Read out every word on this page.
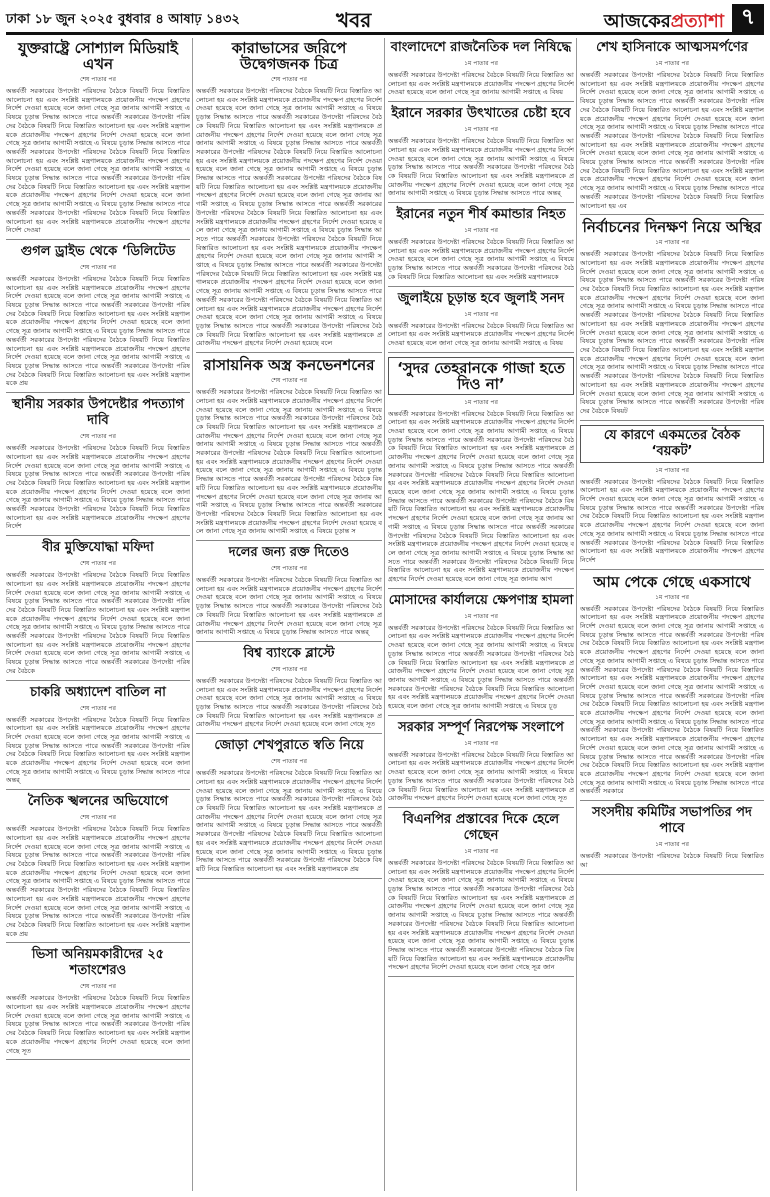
ঢাকা ১৮ জুন ২০২৫ বুধবার ৪ আষাঢ় ১৪৩২	খবর	আজকেরপ্রত্যাশা ৭
যুক্তরাষ্ট্রে সোশ্যাল মিডিয়াই এখন
শেষ পাতার পর
অন্তর্বর্তী সরকারের উপদেষ্টা পরিষদের বৈঠকে বিষয়টি নিয়ে বিস্তারিত আলোচনা হয় এবং সংশ্লিষ্ট মন্ত্রণালয়কে প্রয়োজনীয় পদক্ষেপ গ্রহণের নির্দেশ দেওয়া হয়েছে বলে জানা গেছে সূত্র জানায় আগামী সপ্তাহে এ বিষয়ে চূড়ান্ত সিদ্ধান্ত আসতে পারে অন্তর্বর্তী সরকারের উপদেষ্টা পরিষদের বৈঠকে বিষয়টি নিয়ে বিস্তারিত আলোচনা হয় এবং সংশ্লিষ্ট মন্ত্রণালয়কে প্রয়োজনীয় পদক্ষেপ গ্রহণের নির্দেশ দেওয়া হয়েছে বলে জানা গেছে সূত্র জানায় আগামী সপ্তাহে এ বিষয়ে চূড়ান্ত সিদ্ধান্ত আসতে পারে অন্তর্বর্তী সরকারের উপদেষ্টা পরিষদের বৈঠকে বিষয়টি নিয়ে বিস্তারিত আলোচনা হয় এবং সংশ্লিষ্ট মন্ত্রণালয়কে প্রয়োজনীয় পদক্ষেপ গ্রহণের নির্দেশ দেওয়া হয়েছে বলে জানা গেছে সূত্র জানায় আগামী সপ্তাহে এ বিষয়ে চূড়ান্ত সিদ্ধান্ত আসতে পারে অন্তর্বর্তী সরকারের উপদেষ্টা পরিষদের বৈঠকে বিষয়টি নিয়ে বিস্তারিত আলোচনা হয় এবং সংশ্লিষ্ট মন্ত্রণালয়কে প্রয়োজনীয় পদক্ষেপ গ্রহণের নির্দেশ দেওয়া হয়েছে বলে জানা গেছে সূত্র জানায় আগামী সপ্তাহে এ বিষয়ে চূড়ান্ত সিদ্ধান্ত আসতে পারে অন্তর্বর্তী সরকারের উপদেষ্টা পরিষদের বৈঠকে বিষয়টি নিয়ে বিস্তারিত আলোচনা হয় এবং সংশ্লিষ্ট মন্ত্রণালয়কে প্রয়োজনীয় পদক্ষেপ গ্রহণের নির্দেশ দেওয়া
গুগল ড্রাইভ থেকে ‘ডিলিটেড
শেষ পাতার পর
অন্তর্বর্তী সরকারের উপদেষ্টা পরিষদের বৈঠকে বিষয়টি নিয়ে বিস্তারিত আলোচনা হয় এবং সংশ্লিষ্ট মন্ত্রণালয়কে প্রয়োজনীয় পদক্ষেপ গ্রহণের নির্দেশ দেওয়া হয়েছে বলে জানা গেছে সূত্র জানায় আগামী সপ্তাহে এ বিষয়ে চূড়ান্ত সিদ্ধান্ত আসতে পারে অন্তর্বর্তী সরকারের উপদেষ্টা পরিষদের বৈঠকে বিষয়টি নিয়ে বিস্তারিত আলোচনা হয় এবং সংশ্লিষ্ট মন্ত্রণালয়কে প্রয়োজনীয় পদক্ষেপ গ্রহণের নির্দেশ দেওয়া হয়েছে বলে জানা গেছে সূত্র জানায় আগামী সপ্তাহে এ বিষয়ে চূড়ান্ত সিদ্ধান্ত আসতে পারে অন্তর্বর্তী সরকারের উপদেষ্টা পরিষদের বৈঠকে বিষয়টি নিয়ে বিস্তারিত আলোচনা হয় এবং সংশ্লিষ্ট মন্ত্রণালয়কে প্রয়োজনীয় পদক্ষেপ গ্রহণের নির্দেশ দেওয়া হয়েছে বলে জানা গেছে সূত্র জানায় আগামী সপ্তাহে এ বিষয়ে চূড়ান্ত সিদ্ধান্ত আসতে পারে অন্তর্বর্তী সরকারের উপদেষ্টা পরিষদের বৈঠকে বিষয়টি নিয়ে বিস্তারিত আলোচনা হয় এবং সংশ্লিষ্ট মন্ত্রণালয়কে প্রয়
স্থানীয় সরকার উপদেষ্টার পদত্যাগ দাবি
শেষ পাতার পর
অন্তর্বর্তী সরকারের উপদেষ্টা পরিষদের বৈঠকে বিষয়টি নিয়ে বিস্তারিত আলোচনা হয় এবং সংশ্লিষ্ট মন্ত্রণালয়কে প্রয়োজনীয় পদক্ষেপ গ্রহণের নির্দেশ দেওয়া হয়েছে বলে জানা গেছে সূত্র জানায় আগামী সপ্তাহে এ বিষয়ে চূড়ান্ত সিদ্ধান্ত আসতে পারে অন্তর্বর্তী সরকারের উপদেষ্টা পরিষদের বৈঠকে বিষয়টি নিয়ে বিস্তারিত আলোচনা হয় এবং সংশ্লিষ্ট মন্ত্রণালয়কে প্রয়োজনীয় পদক্ষেপ গ্রহণের নির্দেশ দেওয়া হয়েছে বলে জানা গেছে সূত্র জানায় আগামী সপ্তাহে এ বিষয়ে চূড়ান্ত সিদ্ধান্ত আসতে পারে অন্তর্বর্তী সরকারের উপদেষ্টা পরিষদের বৈঠকে বিষয়টি নিয়ে বিস্তারিত আলোচনা হয় এবং সংশ্লিষ্ট মন্ত্রণালয়কে প্রয়োজনীয় পদক্ষেপ গ্রহণের নির্দেশ
বীর মুক্তিযোদ্ধা মফিদা
শেষ পাতার পর
অন্তর্বর্তী সরকারের উপদেষ্টা পরিষদের বৈঠকে বিষয়টি নিয়ে বিস্তারিত আলোচনা হয় এবং সংশ্লিষ্ট মন্ত্রণালয়কে প্রয়োজনীয় পদক্ষেপ গ্রহণের নির্দেশ দেওয়া হয়েছে বলে জানা গেছে সূত্র জানায় আগামী সপ্তাহে এ বিষয়ে চূড়ান্ত সিদ্ধান্ত আসতে পারে অন্তর্বর্তী সরকারের উপদেষ্টা পরিষদের বৈঠকে বিষয়টি নিয়ে বিস্তারিত আলোচনা হয় এবং সংশ্লিষ্ট মন্ত্রণালয়কে প্রয়োজনীয় পদক্ষেপ গ্রহণের নির্দেশ দেওয়া হয়েছে বলে জানা গেছে সূত্র জানায় আগামী সপ্তাহে এ বিষয়ে চূড়ান্ত সিদ্ধান্ত আসতে পারে অন্তর্বর্তী সরকারের উপদেষ্টা পরিষদের বৈঠকে বিষয়টি নিয়ে বিস্তারিত আলোচনা হয় এবং সংশ্লিষ্ট মন্ত্রণালয়কে প্রয়োজনীয় পদক্ষেপ গ্রহণের নির্দেশ দেওয়া হয়েছে বলে জানা গেছে সূত্র জানায় আগামী সপ্তাহে এ বিষয়ে চূড়ান্ত সিদ্ধান্ত আসতে পারে অন্তর্বর্তী সরকারের উপদেষ্টা পরিষদের বৈঠকে
চাকরি অধ্যাদেশ বাতিল না
শেষ পাতার পর
অন্তর্বর্তী সরকারের উপদেষ্টা পরিষদের বৈঠকে বিষয়টি নিয়ে বিস্তারিত আলোচনা হয় এবং সংশ্লিষ্ট মন্ত্রণালয়কে প্রয়োজনীয় পদক্ষেপ গ্রহণের নির্দেশ দেওয়া হয়েছে বলে জানা গেছে সূত্র জানায় আগামী সপ্তাহে এ বিষয়ে চূড়ান্ত সিদ্ধান্ত আসতে পারে অন্তর্বর্তী সরকারের উপদেষ্টা পরিষদের বৈঠকে বিষয়টি নিয়ে বিস্তারিত আলোচনা হয় এবং সংশ্লিষ্ট মন্ত্রণালয়কে প্রয়োজনীয় পদক্ষেপ গ্রহণের নির্দেশ দেওয়া হয়েছে বলে জানা গেছে সূত্র জানায় আগামী সপ্তাহে এ বিষয়ে চূড়ান্ত সিদ্ধান্ত আসতে পারে অন্তর্
নৈতিক স্খলনের অভিযোগে
শেষ পাতার পর
অন্তর্বর্তী সরকারের উপদেষ্টা পরিষদের বৈঠকে বিষয়টি নিয়ে বিস্তারিত আলোচনা হয় এবং সংশ্লিষ্ট মন্ত্রণালয়কে প্রয়োজনীয় পদক্ষেপ গ্রহণের নির্দেশ দেওয়া হয়েছে বলে জানা গেছে সূত্র জানায় আগামী সপ্তাহে এ বিষয়ে চূড়ান্ত সিদ্ধান্ত আসতে পারে অন্তর্বর্তী সরকারের উপদেষ্টা পরিষদের বৈঠকে বিষয়টি নিয়ে বিস্তারিত আলোচনা হয় এবং সংশ্লিষ্ট মন্ত্রণালয়কে প্রয়োজনীয় পদক্ষেপ গ্রহণের নির্দেশ দেওয়া হয়েছে বলে জানা গেছে সূত্র জানায় আগামী সপ্তাহে এ বিষয়ে চূড়ান্ত সিদ্ধান্ত আসতে পারে অন্তর্বর্তী সরকারের উপদেষ্টা পরিষদের বৈঠকে বিষয়টি নিয়ে বিস্তারিত আলোচনা হয় এবং সংশ্লিষ্ট মন্ত্রণালয়কে প্রয়োজনীয় পদক্ষেপ গ্রহণের নির্দেশ দেওয়া হয়েছে বলে জানা গেছে সূত্র জানায় আগামী সপ্তাহে এ বিষয়ে চূড়ান্ত সিদ্ধান্ত আসতে পারে অন্তর্বর্তী সরকারের উপদেষ্টা পরিষদের বৈঠকে বিষয়টি নিয়ে বিস্তারিত আলোচনা হয় এবং সংশ্লিষ্ট মন্ত্রণালয়কে প্রয়
ভিসা অনিয়মকারীদের ২৫ শতাংশেরও
শেষ পাতার পর
অন্তর্বর্তী সরকারের উপদেষ্টা পরিষদের বৈঠকে বিষয়টি নিয়ে বিস্তারিত আলোচনা হয় এবং সংশ্লিষ্ট মন্ত্রণালয়কে প্রয়োজনীয় পদক্ষেপ গ্রহণের নির্দেশ দেওয়া হয়েছে বলে জানা গেছে সূত্র জানায় আগামী সপ্তাহে এ বিষয়ে চূড়ান্ত সিদ্ধান্ত আসতে পারে অন্তর্বর্তী সরকারের উপদেষ্টা পরিষদের বৈঠকে বিষয়টি নিয়ে বিস্তারিত আলোচনা হয় এবং সংশ্লিষ্ট মন্ত্রণালয়কে প্রয়োজনীয় পদক্ষেপ গ্রহণের নির্দেশ দেওয়া হয়েছে বলে জানা গেছে সূত
কারাভাসের জরিপে উদ্বেগজনক চিত্র
শেষ পাতার পর
অন্তর্বর্তী সরকারের উপদেষ্টা পরিষদের বৈঠকে বিষয়টি নিয়ে বিস্তারিত আলোচনা হয় এবং সংশ্লিষ্ট মন্ত্রণালয়কে প্রয়োজনীয় পদক্ষেপ গ্রহণের নির্দেশ দেওয়া হয়েছে বলে জানা গেছে সূত্র জানায় আগামী সপ্তাহে এ বিষয়ে চূড়ান্ত সিদ্ধান্ত আসতে পারে অন্তর্বর্তী সরকারের উপদেষ্টা পরিষদের বৈঠকে বিষয়টি নিয়ে বিস্তারিত আলোচনা হয় এবং সংশ্লিষ্ট মন্ত্রণালয়কে প্রয়োজনীয় পদক্ষেপ গ্রহণের নির্দেশ দেওয়া হয়েছে বলে জানা গেছে সূত্র জানায় আগামী সপ্তাহে এ বিষয়ে চূড়ান্ত সিদ্ধান্ত আসতে পারে অন্তর্বর্তী সরকারের উপদেষ্টা পরিষদের বৈঠকে বিষয়টি নিয়ে বিস্তারিত আলোচনা হয় এবং সংশ্লিষ্ট মন্ত্রণালয়কে প্রয়োজনীয় পদক্ষেপ গ্রহণের নির্দেশ দেওয়া হয়েছে বলে জানা গেছে সূত্র জানায় আগামী সপ্তাহে এ বিষয়ে চূড়ান্ত সিদ্ধান্ত আসতে পারে অন্তর্বর্তী সরকারের উপদেষ্টা পরিষদের বৈঠকে বিষয়টি নিয়ে বিস্তারিত আলোচনা হয় এবং সংশ্লিষ্ট মন্ত্রণালয়কে প্রয়োজনীয় পদক্ষেপ গ্রহণের নির্দেশ দেওয়া হয়েছে বলে জানা গেছে সূত্র জানায় আগামী সপ্তাহে এ বিষয়ে চূড়ান্ত সিদ্ধান্ত আসতে পারে অন্তর্বর্তী সরকারের উপদেষ্টা পরিষদের বৈঠকে বিষয়টি নিয়ে বিস্তারিত আলোচনা হয় এবং সংশ্লিষ্ট মন্ত্রণালয়কে প্রয়োজনীয় পদক্ষেপ গ্রহণের নির্দেশ দেওয়া হয়েছে বলে জানা গেছে সূত্র জানায় আগামী সপ্তাহে এ বিষয়ে চূড়ান্ত সিদ্ধান্ত আসতে পারে অন্তর্বর্তী সরকারের উপদেষ্টা পরিষদের বৈঠকে বিষয়টি নিয়ে বিস্তারিত আলোচনা হয় এবং সংশ্লিষ্ট মন্ত্রণালয়কে প্রয়োজনীয় পদক্ষেপ গ্রহণের নির্দেশ দেওয়া হয়েছে বলে জানা গেছে সূত্র জানায় আগামী সপ্তাহে এ বিষয়ে চূড়ান্ত সিদ্ধান্ত আসতে পারে অন্তর্বর্তী সরকারের উপদেষ্টা পরিষদের বৈঠকে বিষয়টি নিয়ে বিস্তারিত আলোচনা হয় এবং সংশ্লিষ্ট মন্ত্রণালয়কে প্রয়োজনীয় পদক্ষেপ গ্রহণের নির্দেশ দেওয়া হয়েছে বলে জানা গেছে সূত্র জানায় আগামী সপ্তাহে এ বিষয়ে চূড়ান্ত সিদ্ধান্ত আসতে পারে অন্তর্বর্তী সরকারের উপদেষ্টা পরিষদের বৈঠকে বিষয়টি নিয়ে বিস্তারিত আলোচনা হয় এবং সংশ্লিষ্ট মন্ত্রণালয়কে প্রয়োজনীয় পদক্ষেপ গ্রহণের নির্দেশ দেওয়া হয়েছে বলে জানা গেছে সূত্র জানায় আগামী সপ্তাহে এ বিষয়ে চূড়ান্ত সিদ্ধান্ত আসতে পারে অন্তর্বর্তী সরকারের উপদেষ্টা পরিষদের বৈঠকে বিষয়টি নিয়ে বিস্তারিত আলোচনা হয় এবং সংশ্লিষ্ট মন্ত্রণালয়কে প্রয়োজনীয় পদক্ষেপ গ্রহণের নির্দেশ দেওয়া হয়েছে বলে
রাসায়নিক অস্ত্র কনভেনশনের
শেষ পাতার পর
অন্তর্বর্তী সরকারের উপদেষ্টা পরিষদের বৈঠকে বিষয়টি নিয়ে বিস্তারিত আলোচনা হয় এবং সংশ্লিষ্ট মন্ত্রণালয়কে প্রয়োজনীয় পদক্ষেপ গ্রহণের নির্দেশ দেওয়া হয়েছে বলে জানা গেছে সূত্র জানায় আগামী সপ্তাহে এ বিষয়ে চূড়ান্ত সিদ্ধান্ত আসতে পারে অন্তর্বর্তী সরকারের উপদেষ্টা পরিষদের বৈঠকে বিষয়টি নিয়ে বিস্তারিত আলোচনা হয় এবং সংশ্লিষ্ট মন্ত্রণালয়কে প্রয়োজনীয় পদক্ষেপ গ্রহণের নির্দেশ দেওয়া হয়েছে বলে জানা গেছে সূত্র জানায় আগামী সপ্তাহে এ বিষয়ে চূড়ান্ত সিদ্ধান্ত আসতে পারে অন্তর্বর্তী সরকারের উপদেষ্টা পরিষদের বৈঠকে বিষয়টি নিয়ে বিস্তারিত আলোচনা হয় এবং সংশ্লিষ্ট মন্ত্রণালয়কে প্রয়োজনীয় পদক্ষেপ গ্রহণের নির্দেশ দেওয়া হয়েছে বলে জানা গেছে সূত্র জানায় আগামী সপ্তাহে এ বিষয়ে চূড়ান্ত সিদ্ধান্ত আসতে পারে অন্তর্বর্তী সরকারের উপদেষ্টা পরিষদের বৈঠকে বিষয়টি নিয়ে বিস্তারিত আলোচনা হয় এবং সংশ্লিষ্ট মন্ত্রণালয়কে প্রয়োজনীয় পদক্ষেপ গ্রহণের নির্দেশ দেওয়া হয়েছে বলে জানা গেছে সূত্র জানায় আগামী সপ্তাহে এ বিষয়ে চূড়ান্ত সিদ্ধান্ত আসতে পারে অন্তর্বর্তী সরকারের উপদেষ্টা পরিষদের বৈঠকে বিষয়টি নিয়ে বিস্তারিত আলোচনা হয় এবং সংশ্লিষ্ট মন্ত্রণালয়কে প্রয়োজনীয় পদক্ষেপ গ্রহণের নির্দেশ দেওয়া হয়েছে বলে জানা গেছে সূত্র জানায় আগামী সপ্তাহে এ বিষয়ে চূড়ান্ত স
দলের জন্য রক্ত দিতেও
শেষ পাতার পর
অন্তর্বর্তী সরকারের উপদেষ্টা পরিষদের বৈঠকে বিষয়টি নিয়ে বিস্তারিত আলোচনা হয় এবং সংশ্লিষ্ট মন্ত্রণালয়কে প্রয়োজনীয় পদক্ষেপ গ্রহণের নির্দেশ দেওয়া হয়েছে বলে জানা গেছে সূত্র জানায় আগামী সপ্তাহে এ বিষয়ে চূড়ান্ত সিদ্ধান্ত আসতে পারে অন্তর্বর্তী সরকারের উপদেষ্টা পরিষদের বৈঠকে বিষয়টি নিয়ে বিস্তারিত আলোচনা হয় এবং সংশ্লিষ্ট মন্ত্রণালয়কে প্রয়োজনীয় পদক্ষেপ গ্রহণের নির্দেশ দেওয়া হয়েছে বলে জানা গেছে সূত্র জানায় আগামী সপ্তাহে এ বিষয়ে চূড়ান্ত সিদ্ধান্ত আসতে পারে অন্তর্
বিশ্ব ব্যাংকে ব্লাস্টে
শেষ পাতার পর
অন্তর্বর্তী সরকারের উপদেষ্টা পরিষদের বৈঠকে বিষয়টি নিয়ে বিস্তারিত আলোচনা হয় এবং সংশ্লিষ্ট মন্ত্রণালয়কে প্রয়োজনীয় পদক্ষেপ গ্রহণের নির্দেশ দেওয়া হয়েছে বলে জানা গেছে সূত্র জানায় আগামী সপ্তাহে এ বিষয়ে চূড়ান্ত সিদ্ধান্ত আসতে পারে অন্তর্বর্তী সরকারের উপদেষ্টা পরিষদের বৈঠকে বিষয়টি নিয়ে বিস্তারিত আলোচনা হয় এবং সংশ্লিষ্ট মন্ত্রণালয়কে প্রয়োজনীয় পদক্ষেপ গ্রহণের নির্দেশ দেওয়া হয়েছে বলে জানা গেছে সূত
জোড়া শেখপুরাতে স্বতি নিয়ে
শেষ পাতার পর
অন্তর্বর্তী সরকারের উপদেষ্টা পরিষদের বৈঠকে বিষয়টি নিয়ে বিস্তারিত আলোচনা হয় এবং সংশ্লিষ্ট মন্ত্রণালয়কে প্রয়োজনীয় পদক্ষেপ গ্রহণের নির্দেশ দেওয়া হয়েছে বলে জানা গেছে সূত্র জানায় আগামী সপ্তাহে এ বিষয়ে চূড়ান্ত সিদ্ধান্ত আসতে পারে অন্তর্বর্তী সরকারের উপদেষ্টা পরিষদের বৈঠকে বিষয়টি নিয়ে বিস্তারিত আলোচনা হয় এবং সংশ্লিষ্ট মন্ত্রণালয়কে প্রয়োজনীয় পদক্ষেপ গ্রহণের নির্দেশ দেওয়া হয়েছে বলে জানা গেছে সূত্র জানায় আগামী সপ্তাহে এ বিষয়ে চূড়ান্ত সিদ্ধান্ত আসতে পারে অন্তর্বর্তী সরকারের উপদেষ্টা পরিষদের বৈঠকে বিষয়টি নিয়ে বিস্তারিত আলোচনা হয় এবং সংশ্লিষ্ট মন্ত্রণালয়কে প্রয়োজনীয় পদক্ষেপ গ্রহণের নির্দেশ দেওয়া হয়েছে বলে জানা গেছে সূত্র জানায় আগামী সপ্তাহে এ বিষয়ে চূড়ান্ত সিদ্ধান্ত আসতে পারে অন্তর্বর্তী সরকারের উপদেষ্টা পরিষদের বৈঠকে বিষয়টি নিয়ে বিস্তারিত আলোচনা হয় এবং সংশ্লিষ্ট মন্ত্রণালয়কে প্রয়
বাংলাদেশে রাজনৈতিক দল নিষিদ্ধে
১ম পাতার পর
অন্তর্বর্তী সরকারের উপদেষ্টা পরিষদের বৈঠকে বিষয়টি নিয়ে বিস্তারিত আলোচনা হয় এবং সংশ্লিষ্ট মন্ত্রণালয়কে প্রয়োজনীয় পদক্ষেপ গ্রহণের নির্দেশ দেওয়া হয়েছে বলে জানা গেছে সূত্র জানায় আগামী সপ্তাহে এ বিষয়
ইরানে সরকার উৎখাতের চেষ্টা হবে
১ম পাতার পর
অন্তর্বর্তী সরকারের উপদেষ্টা পরিষদের বৈঠকে বিষয়টি নিয়ে বিস্তারিত আলোচনা হয় এবং সংশ্লিষ্ট মন্ত্রণালয়কে প্রয়োজনীয় পদক্ষেপ গ্রহণের নির্দেশ দেওয়া হয়েছে বলে জানা গেছে সূত্র জানায় আগামী সপ্তাহে এ বিষয়ে চূড়ান্ত সিদ্ধান্ত আসতে পারে অন্তর্বর্তী সরকারের উপদেষ্টা পরিষদের বৈঠকে বিষয়টি নিয়ে বিস্তারিত আলোচনা হয় এবং সংশ্লিষ্ট মন্ত্রণালয়কে প্রয়োজনীয় পদক্ষেপ গ্রহণের নির্দেশ দেওয়া হয়েছে বলে জানা গেছে সূত্র জানায় আগামী সপ্তাহে এ বিষয়ে চূড়ান্ত সিদ্ধান্ত আসতে পারে অন্তর্
ইরানের নতুন শীর্ষ কমান্ডার নিহত
১ম পাতার পর
অন্তর্বর্তী সরকারের উপদেষ্টা পরিষদের বৈঠকে বিষয়টি নিয়ে বিস্তারিত আলোচনা হয় এবং সংশ্লিষ্ট মন্ত্রণালয়কে প্রয়োজনীয় পদক্ষেপ গ্রহণের নির্দেশ দেওয়া হয়েছে বলে জানা গেছে সূত্র জানায় আগামী সপ্তাহে এ বিষয়ে চূড়ান্ত সিদ্ধান্ত আসতে পারে অন্তর্বর্তী সরকারের উপদেষ্টা পরিষদের বৈঠকে বিষয়টি নিয়ে বিস্তারিত আলোচনা হয় এবং সংশ্লিষ্ট মন্ত্রণালয়কে
জুলাইয়ে চূড়ান্ত হবে জুলাই সনদ
১ম পাতার পর
অন্তর্বর্তী সরকারের উপদেষ্টা পরিষদের বৈঠকে বিষয়টি নিয়ে বিস্তারিত আলোচনা হয় এবং সংশ্লিষ্ট মন্ত্রণালয়কে প্রয়োজনীয় পদক্ষেপ গ্রহণের নির্দেশ দেওয়া হয়েছে বলে জানা গেছে সূত্র জানায় আগামী সপ্তাহে এ বিষয়
‘সুদর তেহরানকে গাজা হতে দিও না’
১ম পাতার পর
অন্তর্বর্তী সরকারের উপদেষ্টা পরিষদের বৈঠকে বিষয়টি নিয়ে বিস্তারিত আলোচনা হয় এবং সংশ্লিষ্ট মন্ত্রণালয়কে প্রয়োজনীয় পদক্ষেপ গ্রহণের নির্দেশ দেওয়া হয়েছে বলে জানা গেছে সূত্র জানায় আগামী সপ্তাহে এ বিষয়ে চূড়ান্ত সিদ্ধান্ত আসতে পারে অন্তর্বর্তী সরকারের উপদেষ্টা পরিষদের বৈঠকে বিষয়টি নিয়ে বিস্তারিত আলোচনা হয় এবং সংশ্লিষ্ট মন্ত্রণালয়কে প্রয়োজনীয় পদক্ষেপ গ্রহণের নির্দেশ দেওয়া হয়েছে বলে জানা গেছে সূত্র জানায় আগামী সপ্তাহে এ বিষয়ে চূড়ান্ত সিদ্ধান্ত আসতে পারে অন্তর্বর্তী সরকারের উপদেষ্টা পরিষদের বৈঠকে বিষয়টি নিয়ে বিস্তারিত আলোচনা হয় এবং সংশ্লিষ্ট মন্ত্রণালয়কে প্রয়োজনীয় পদক্ষেপ গ্রহণের নির্দেশ দেওয়া হয়েছে বলে জানা গেছে সূত্র জানায় আগামী সপ্তাহে এ বিষয়ে চূড়ান্ত সিদ্ধান্ত আসতে পারে অন্তর্বর্তী সরকারের উপদেষ্টা পরিষদের বৈঠকে বিষয়টি নিয়ে বিস্তারিত আলোচনা হয় এবং সংশ্লিষ্ট মন্ত্রণালয়কে প্রয়োজনীয় পদক্ষেপ গ্রহণের নির্দেশ দেওয়া হয়েছে বলে জানা গেছে সূত্র জানায় আগামী সপ্তাহে এ বিষয়ে চূড়ান্ত সিদ্ধান্ত আসতে পারে অন্তর্বর্তী সরকারের উপদেষ্টা পরিষদের বৈঠকে বিষয়টি নিয়ে বিস্তারিত আলোচনা হয় এবং সংশ্লিষ্ট মন্ত্রণালয়কে প্রয়োজনীয় পদক্ষেপ গ্রহণের নির্দেশ দেওয়া হয়েছে বলে জানা গেছে সূত্র জানায় আগামী সপ্তাহে এ বিষয়ে চূড়ান্ত সিদ্ধান্ত আসতে পারে অন্তর্বর্তী সরকারের উপদেষ্টা পরিষদের বৈঠকে বিষয়টি নিয়ে বিস্তারিত আলোচনা হয় এবং সংশ্লিষ্ট মন্ত্রণালয়কে প্রয়োজনীয় পদক্ষেপ গ্রহণের নির্দেশ দেওয়া হয়েছে বলে জানা গেছে সূত্র জানায় আগ
মোসাদের কার্যালয়ে ক্ষেপণাস্ত্র হামলা
১ম পাতার পর
অন্তর্বর্তী সরকারের উপদেষ্টা পরিষদের বৈঠকে বিষয়টি নিয়ে বিস্তারিত আলোচনা হয় এবং সংশ্লিষ্ট মন্ত্রণালয়কে প্রয়োজনীয় পদক্ষেপ গ্রহণের নির্দেশ দেওয়া হয়েছে বলে জানা গেছে সূত্র জানায় আগামী সপ্তাহে এ বিষয়ে চূড়ান্ত সিদ্ধান্ত আসতে পারে অন্তর্বর্তী সরকারের উপদেষ্টা পরিষদের বৈঠকে বিষয়টি নিয়ে বিস্তারিত আলোচনা হয় এবং সংশ্লিষ্ট মন্ত্রণালয়কে প্রয়োজনীয় পদক্ষেপ গ্রহণের নির্দেশ দেওয়া হয়েছে বলে জানা গেছে সূত্র জানায় আগামী সপ্তাহে এ বিষয়ে চূড়ান্ত সিদ্ধান্ত আসতে পারে অন্তর্বর্তী সরকারের উপদেষ্টা পরিষদের বৈঠকে বিষয়টি নিয়ে বিস্তারিত আলোচনা হয় এবং সংশ্লিষ্ট মন্ত্রণালয়কে প্রয়োজনীয় পদক্ষেপ গ্রহণের নির্দেশ দেওয়া হয়েছে বলে জানা গেছে সূত্র জানায় আগামী সপ্তাহে এ বিষয়ে চূড়
সরকার সম্পূর্ণ নিরপেক্ষ সংলাপে
১ম পাতার পর
অন্তর্বর্তী সরকারের উপদেষ্টা পরিষদের বৈঠকে বিষয়টি নিয়ে বিস্তারিত আলোচনা হয় এবং সংশ্লিষ্ট মন্ত্রণালয়কে প্রয়োজনীয় পদক্ষেপ গ্রহণের নির্দেশ দেওয়া হয়েছে বলে জানা গেছে সূত্র জানায় আগামী সপ্তাহে এ বিষয়ে চূড়ান্ত সিদ্ধান্ত আসতে পারে অন্তর্বর্তী সরকারের উপদেষ্টা পরিষদের বৈঠকে বিষয়টি নিয়ে বিস্তারিত আলোচনা হয় এবং সংশ্লিষ্ট মন্ত্রণালয়কে প্রয়োজনীয় পদক্ষেপ গ্রহণের নির্দেশ দেওয়া হয়েছে বলে জানা গেছে সূত
বিএনপির প্রস্তাবের দিকে হেলে গেছেন
১ম পাতার পর
অন্তর্বর্তী সরকারের উপদেষ্টা পরিষদের বৈঠকে বিষয়টি নিয়ে বিস্তারিত আলোচনা হয় এবং সংশ্লিষ্ট মন্ত্রণালয়কে প্রয়োজনীয় পদক্ষেপ গ্রহণের নির্দেশ দেওয়া হয়েছে বলে জানা গেছে সূত্র জানায় আগামী সপ্তাহে এ বিষয়ে চূড়ান্ত সিদ্ধান্ত আসতে পারে অন্তর্বর্তী সরকারের উপদেষ্টা পরিষদের বৈঠকে বিষয়টি নিয়ে বিস্তারিত আলোচনা হয় এবং সংশ্লিষ্ট মন্ত্রণালয়কে প্রয়োজনীয় পদক্ষেপ গ্রহণের নির্দেশ দেওয়া হয়েছে বলে জানা গেছে সূত্র জানায় আগামী সপ্তাহে এ বিষয়ে চূড়ান্ত সিদ্ধান্ত আসতে পারে অন্তর্বর্তী সরকারের উপদেষ্টা পরিষদের বৈঠকে বিষয়টি নিয়ে বিস্তারিত আলোচনা হয় এবং সংশ্লিষ্ট মন্ত্রণালয়কে প্রয়োজনীয় পদক্ষেপ গ্রহণের নির্দেশ দেওয়া হয়েছে বলে জানা গেছে সূত্র জানায় আগামী সপ্তাহে এ বিষয়ে চূড়ান্ত সিদ্ধান্ত আসতে পারে অন্তর্বর্তী সরকারের উপদেষ্টা পরিষদের বৈঠকে বিষয়টি নিয়ে বিস্তারিত আলোচনা হয় এবং সংশ্লিষ্ট মন্ত্রণালয়কে প্রয়োজনীয় পদক্ষেপ গ্রহণের নির্দেশ দেওয়া হয়েছে বলে জানা গেছে সূত্র জান
শেখ হাসিনাকে আত্মসমর্পণের
১ম পাতার পর
অন্তর্বর্তী সরকারের উপদেষ্টা পরিষদের বৈঠকে বিষয়টি নিয়ে বিস্তারিত আলোচনা হয় এবং সংশ্লিষ্ট মন্ত্রণালয়কে প্রয়োজনীয় পদক্ষেপ গ্রহণের নির্দেশ দেওয়া হয়েছে বলে জানা গেছে সূত্র জানায় আগামী সপ্তাহে এ বিষয়ে চূড়ান্ত সিদ্ধান্ত আসতে পারে অন্তর্বর্তী সরকারের উপদেষ্টা পরিষদের বৈঠকে বিষয়টি নিয়ে বিস্তারিত আলোচনা হয় এবং সংশ্লিষ্ট মন্ত্রণালয়কে প্রয়োজনীয় পদক্ষেপ গ্রহণের নির্দেশ দেওয়া হয়েছে বলে জানা গেছে সূত্র জানায় আগামী সপ্তাহে এ বিষয়ে চূড়ান্ত সিদ্ধান্ত আসতে পারে অন্তর্বর্তী সরকারের উপদেষ্টা পরিষদের বৈঠকে বিষয়টি নিয়ে বিস্তারিত আলোচনা হয় এবং সংশ্লিষ্ট মন্ত্রণালয়কে প্রয়োজনীয় পদক্ষেপ গ্রহণের নির্দেশ দেওয়া হয়েছে বলে জানা গেছে সূত্র জানায় আগামী সপ্তাহে এ বিষয়ে চূড়ান্ত সিদ্ধান্ত আসতে পারে অন্তর্বর্তী সরকারের উপদেষ্টা পরিষদের বৈঠকে বিষয়টি নিয়ে বিস্তারিত আলোচনা হয় এবং সংশ্লিষ্ট মন্ত্রণালয়কে প্রয়োজনীয় পদক্ষেপ গ্রহণের নির্দেশ দেওয়া হয়েছে বলে জানা গেছে সূত্র জানায় আগামী সপ্তাহে এ বিষয়ে চূড়ান্ত সিদ্ধান্ত আসতে পারে অন্তর্বর্তী সরকারের উপদেষ্টা পরিষদের বৈঠকে বিষয়টি নিয়ে বিস্তারিত আলোচনা হয় এব
নির্বাচনের দিনক্ষণ নিয়ে অস্থির
১ম পাতার পর
অন্তর্বর্তী সরকারের উপদেষ্টা পরিষদের বৈঠকে বিষয়টি নিয়ে বিস্তারিত আলোচনা হয় এবং সংশ্লিষ্ট মন্ত্রণালয়কে প্রয়োজনীয় পদক্ষেপ গ্রহণের নির্দেশ দেওয়া হয়েছে বলে জানা গেছে সূত্র জানায় আগামী সপ্তাহে এ বিষয়ে চূড়ান্ত সিদ্ধান্ত আসতে পারে অন্তর্বর্তী সরকারের উপদেষ্টা পরিষদের বৈঠকে বিষয়টি নিয়ে বিস্তারিত আলোচনা হয় এবং সংশ্লিষ্ট মন্ত্রণালয়কে প্রয়োজনীয় পদক্ষেপ গ্রহণের নির্দেশ দেওয়া হয়েছে বলে জানা গেছে সূত্র জানায় আগামী সপ্তাহে এ বিষয়ে চূড়ান্ত সিদ্ধান্ত আসতে পারে অন্তর্বর্তী সরকারের উপদেষ্টা পরিষদের বৈঠকে বিষয়টি নিয়ে বিস্তারিত আলোচনা হয় এবং সংশ্লিষ্ট মন্ত্রণালয়কে প্রয়োজনীয় পদক্ষেপ গ্রহণের নির্দেশ দেওয়া হয়েছে বলে জানা গেছে সূত্র জানায় আগামী সপ্তাহে এ বিষয়ে চূড়ান্ত সিদ্ধান্ত আসতে পারে অন্তর্বর্তী সরকারের উপদেষ্টা পরিষদের বৈঠকে বিষয়টি নিয়ে বিস্তারিত আলোচনা হয় এবং সংশ্লিষ্ট মন্ত্রণালয়কে প্রয়োজনীয় পদক্ষেপ গ্রহণের নির্দেশ দেওয়া হয়েছে বলে জানা গেছে সূত্র জানায় আগামী সপ্তাহে এ বিষয়ে চূড়ান্ত সিদ্ধান্ত আসতে পারে অন্তর্বর্তী সরকারের উপদেষ্টা পরিষদের বৈঠকে বিষয়টি নিয়ে বিস্তারিত আলোচনা হয় এবং সংশ্লিষ্ট মন্ত্রণালয়কে প্রয়োজনীয় পদক্ষেপ গ্রহণের নির্দেশ দেওয়া হয়েছে বলে জানা গেছে সূত্র জানায় আগামী সপ্তাহে এ বিষয়ে চূড়ান্ত সিদ্ধান্ত আসতে পারে অন্তর্বর্তী সরকারের উপদেষ্টা পরিষদের বৈঠকে বিষয়ট
যে কারণে একমতের বৈঠক ‘বয়কট’
১ম পাতার পর
অন্তর্বর্তী সরকারের উপদেষ্টা পরিষদের বৈঠকে বিষয়টি নিয়ে বিস্তারিত আলোচনা হয় এবং সংশ্লিষ্ট মন্ত্রণালয়কে প্রয়োজনীয় পদক্ষেপ গ্রহণের নির্দেশ দেওয়া হয়েছে বলে জানা গেছে সূত্র জানায় আগামী সপ্তাহে এ বিষয়ে চূড়ান্ত সিদ্ধান্ত আসতে পারে অন্তর্বর্তী সরকারের উপদেষ্টা পরিষদের বৈঠকে বিষয়টি নিয়ে বিস্তারিত আলোচনা হয় এবং সংশ্লিষ্ট মন্ত্রণালয়কে প্রয়োজনীয় পদক্ষেপ গ্রহণের নির্দেশ দেওয়া হয়েছে বলে জানা গেছে সূত্র জানায় আগামী সপ্তাহে এ বিষয়ে চূড়ান্ত সিদ্ধান্ত আসতে পারে অন্তর্বর্তী সরকারের উপদেষ্টা পরিষদের বৈঠকে বিষয়টি নিয়ে বিস্তারিত আলোচনা হয় এবং সংশ্লিষ্ট মন্ত্রণালয়কে প্রয়োজনীয় পদক্ষেপ গ্রহণের নির্দেশ
আম পেকে গেছে একসাথে
১ম পাতার পর
অন্তর্বর্তী সরকারের উপদেষ্টা পরিষদের বৈঠকে বিষয়টি নিয়ে বিস্তারিত আলোচনা হয় এবং সংশ্লিষ্ট মন্ত্রণালয়কে প্রয়োজনীয় পদক্ষেপ গ্রহণের নির্দেশ দেওয়া হয়েছে বলে জানা গেছে সূত্র জানায় আগামী সপ্তাহে এ বিষয়ে চূড়ান্ত সিদ্ধান্ত আসতে পারে অন্তর্বর্তী সরকারের উপদেষ্টা পরিষদের বৈঠকে বিষয়টি নিয়ে বিস্তারিত আলোচনা হয় এবং সংশ্লিষ্ট মন্ত্রণালয়কে প্রয়োজনীয় পদক্ষেপ গ্রহণের নির্দেশ দেওয়া হয়েছে বলে জানা গেছে সূত্র জানায় আগামী সপ্তাহে এ বিষয়ে চূড়ান্ত সিদ্ধান্ত আসতে পারে অন্তর্বর্তী সরকারের উপদেষ্টা পরিষদের বৈঠকে বিষয়টি নিয়ে বিস্তারিত আলোচনা হয় এবং সংশ্লিষ্ট মন্ত্রণালয়কে প্রয়োজনীয় পদক্ষেপ গ্রহণের নির্দেশ দেওয়া হয়েছে বলে জানা গেছে সূত্র জানায় আগামী সপ্তাহে এ বিষয়ে চূড়ান্ত সিদ্ধান্ত আসতে পারে অন্তর্বর্তী সরকারের উপদেষ্টা পরিষদের বৈঠকে বিষয়টি নিয়ে বিস্তারিত আলোচনা হয় এবং সংশ্লিষ্ট মন্ত্রণালয়কে প্রয়োজনীয় পদক্ষেপ গ্রহণের নির্দেশ দেওয়া হয়েছে বলে জানা গেছে সূত্র জানায় আগামী সপ্তাহে এ বিষয়ে চূড়ান্ত সিদ্ধান্ত আসতে পারে অন্তর্বর্তী সরকারের উপদেষ্টা পরিষদের বৈঠকে বিষয়টি নিয়ে বিস্তারিত আলোচনা হয় এবং সংশ্লিষ্ট মন্ত্রণালয়কে প্রয়োজনীয় পদক্ষেপ গ্রহণের নির্দেশ দেওয়া হয়েছে বলে জানা গেছে সূত্র জানায় আগামী সপ্তাহে এ বিষয়ে চূড়ান্ত সিদ্ধান্ত আসতে পারে অন্তর্বর্তী সরকারের উপদেষ্টা পরিষদের বৈঠকে বিষয়টি নিয়ে বিস্তারিত আলোচনা হয় এবং সংশ্লিষ্ট মন্ত্রণালয়কে প্রয়োজনীয় পদক্ষেপ গ্রহণের নির্দেশ দেওয়া হয়েছে বলে জানা গেছে সূত্র জানায় আগামী সপ্তাহে এ বিষয়ে চূড়ান্ত সিদ্ধান্ত আসতে পারে অন্তর্বর্তী সরকারে
সংসদীয় কমিটির সভাপতির পদ পাবে
১ম পাতার পর
অন্তর্বর্তী সরকারের উপদেষ্টা পরিষদের বৈঠকে বিষয়টি নিয়ে বিস্তারিত আ
